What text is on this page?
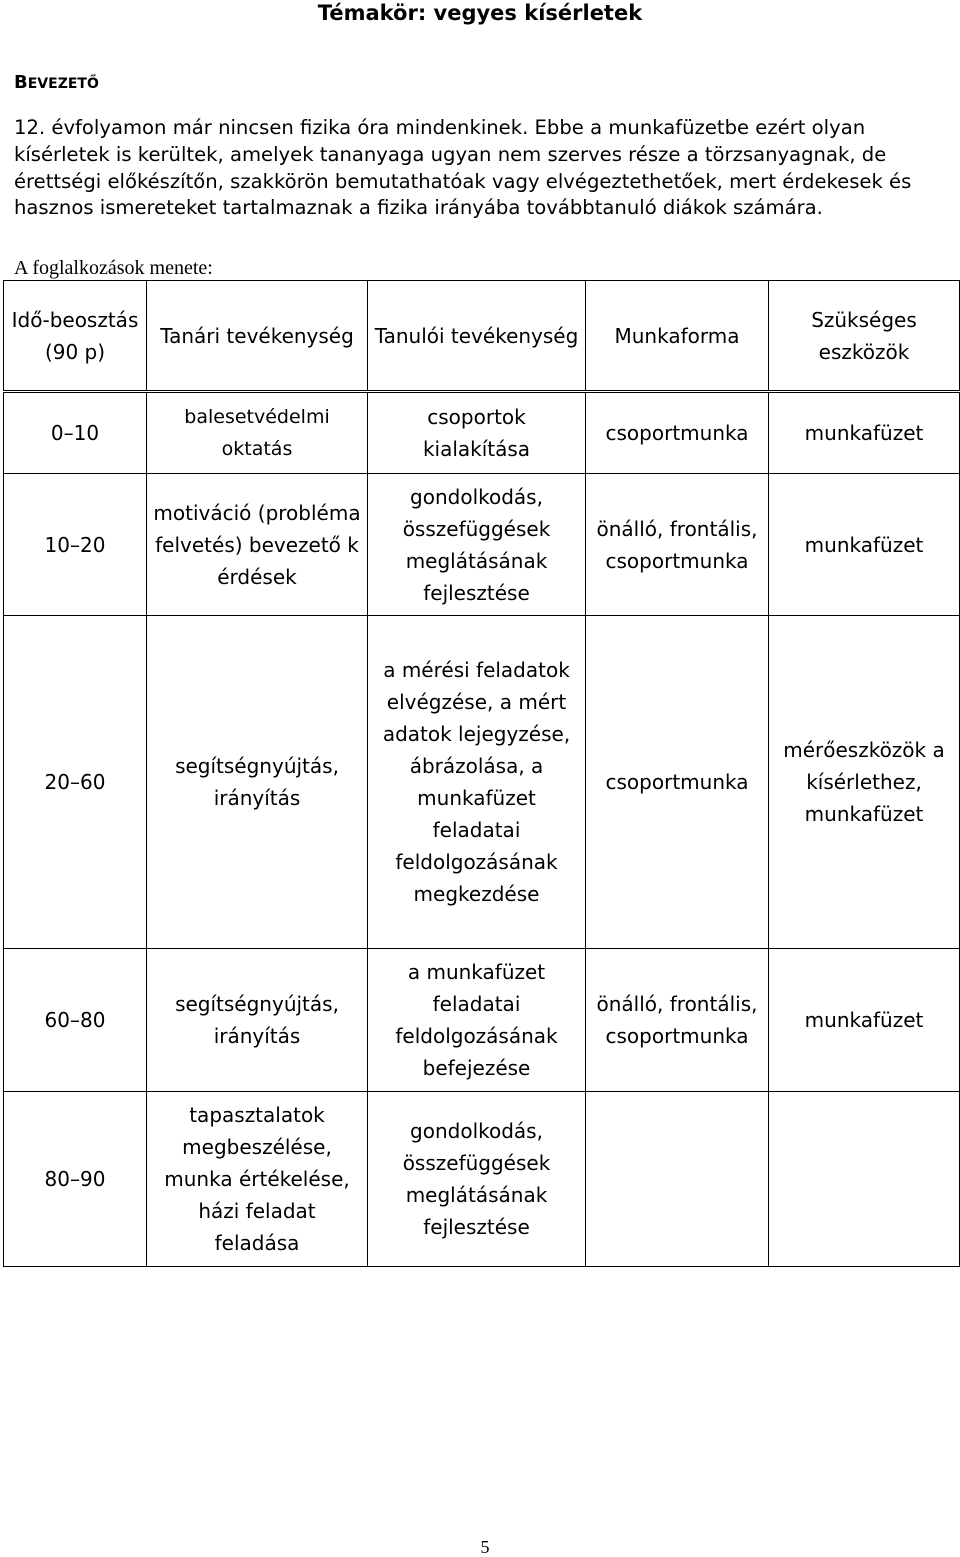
Témakör: vegyes kísérletek
BEVEZETŐ

12. évfolyamon már nincsen fizika óra mindenkinek. Ebbe a munkafüzetbe ezért olyan kísérletek is kerültek, amelyek tananyaga ugyan nem szerves része a törzsanyagnak, de érettségi előkészítőn, szakkörön bemutathatóak vagy elvégeztethetőek, mert érdekesek és hasznos ismereteket tartalmaznak a fizika irányába továbbtanuló diákok számára.

A foglalkozások menete:
Idő-beosztás (90 p)	Tanári tevékenység	Tanulói tevékenység	Munkaforma	Szükséges eszközök
0–10	balesetvédelmi oktatás	csoportok kialakítása	csoportmunka	munkafüzet
10–20	motiváció (problémafelvetés) bevezető kérdések	gondolkodás, összefüggések meglátásának fejlesztése	önálló, frontális, csoportmunka	munkafüzet
20–60	segítségnyújtás, irányítás	a mérési feladatok elvégzése, a mért adatok lejegyzése, ábrázolása, a munkafüzet feladatai feldolgozásának megkezdése	csoportmunka	mérőeszközök a kísérlethez, munkafüzet
60–80	segítségnyújtás, irányítás	a munkafüzet feladatai feldolgozásának befejezése	önálló, frontális, csoportmunka	munkafüzet
80–90	tapasztalatok megbeszélése, munka értékelése, házi feladat feladása	gondolkodás, összefüggések meglátásának fejlesztése		
5
